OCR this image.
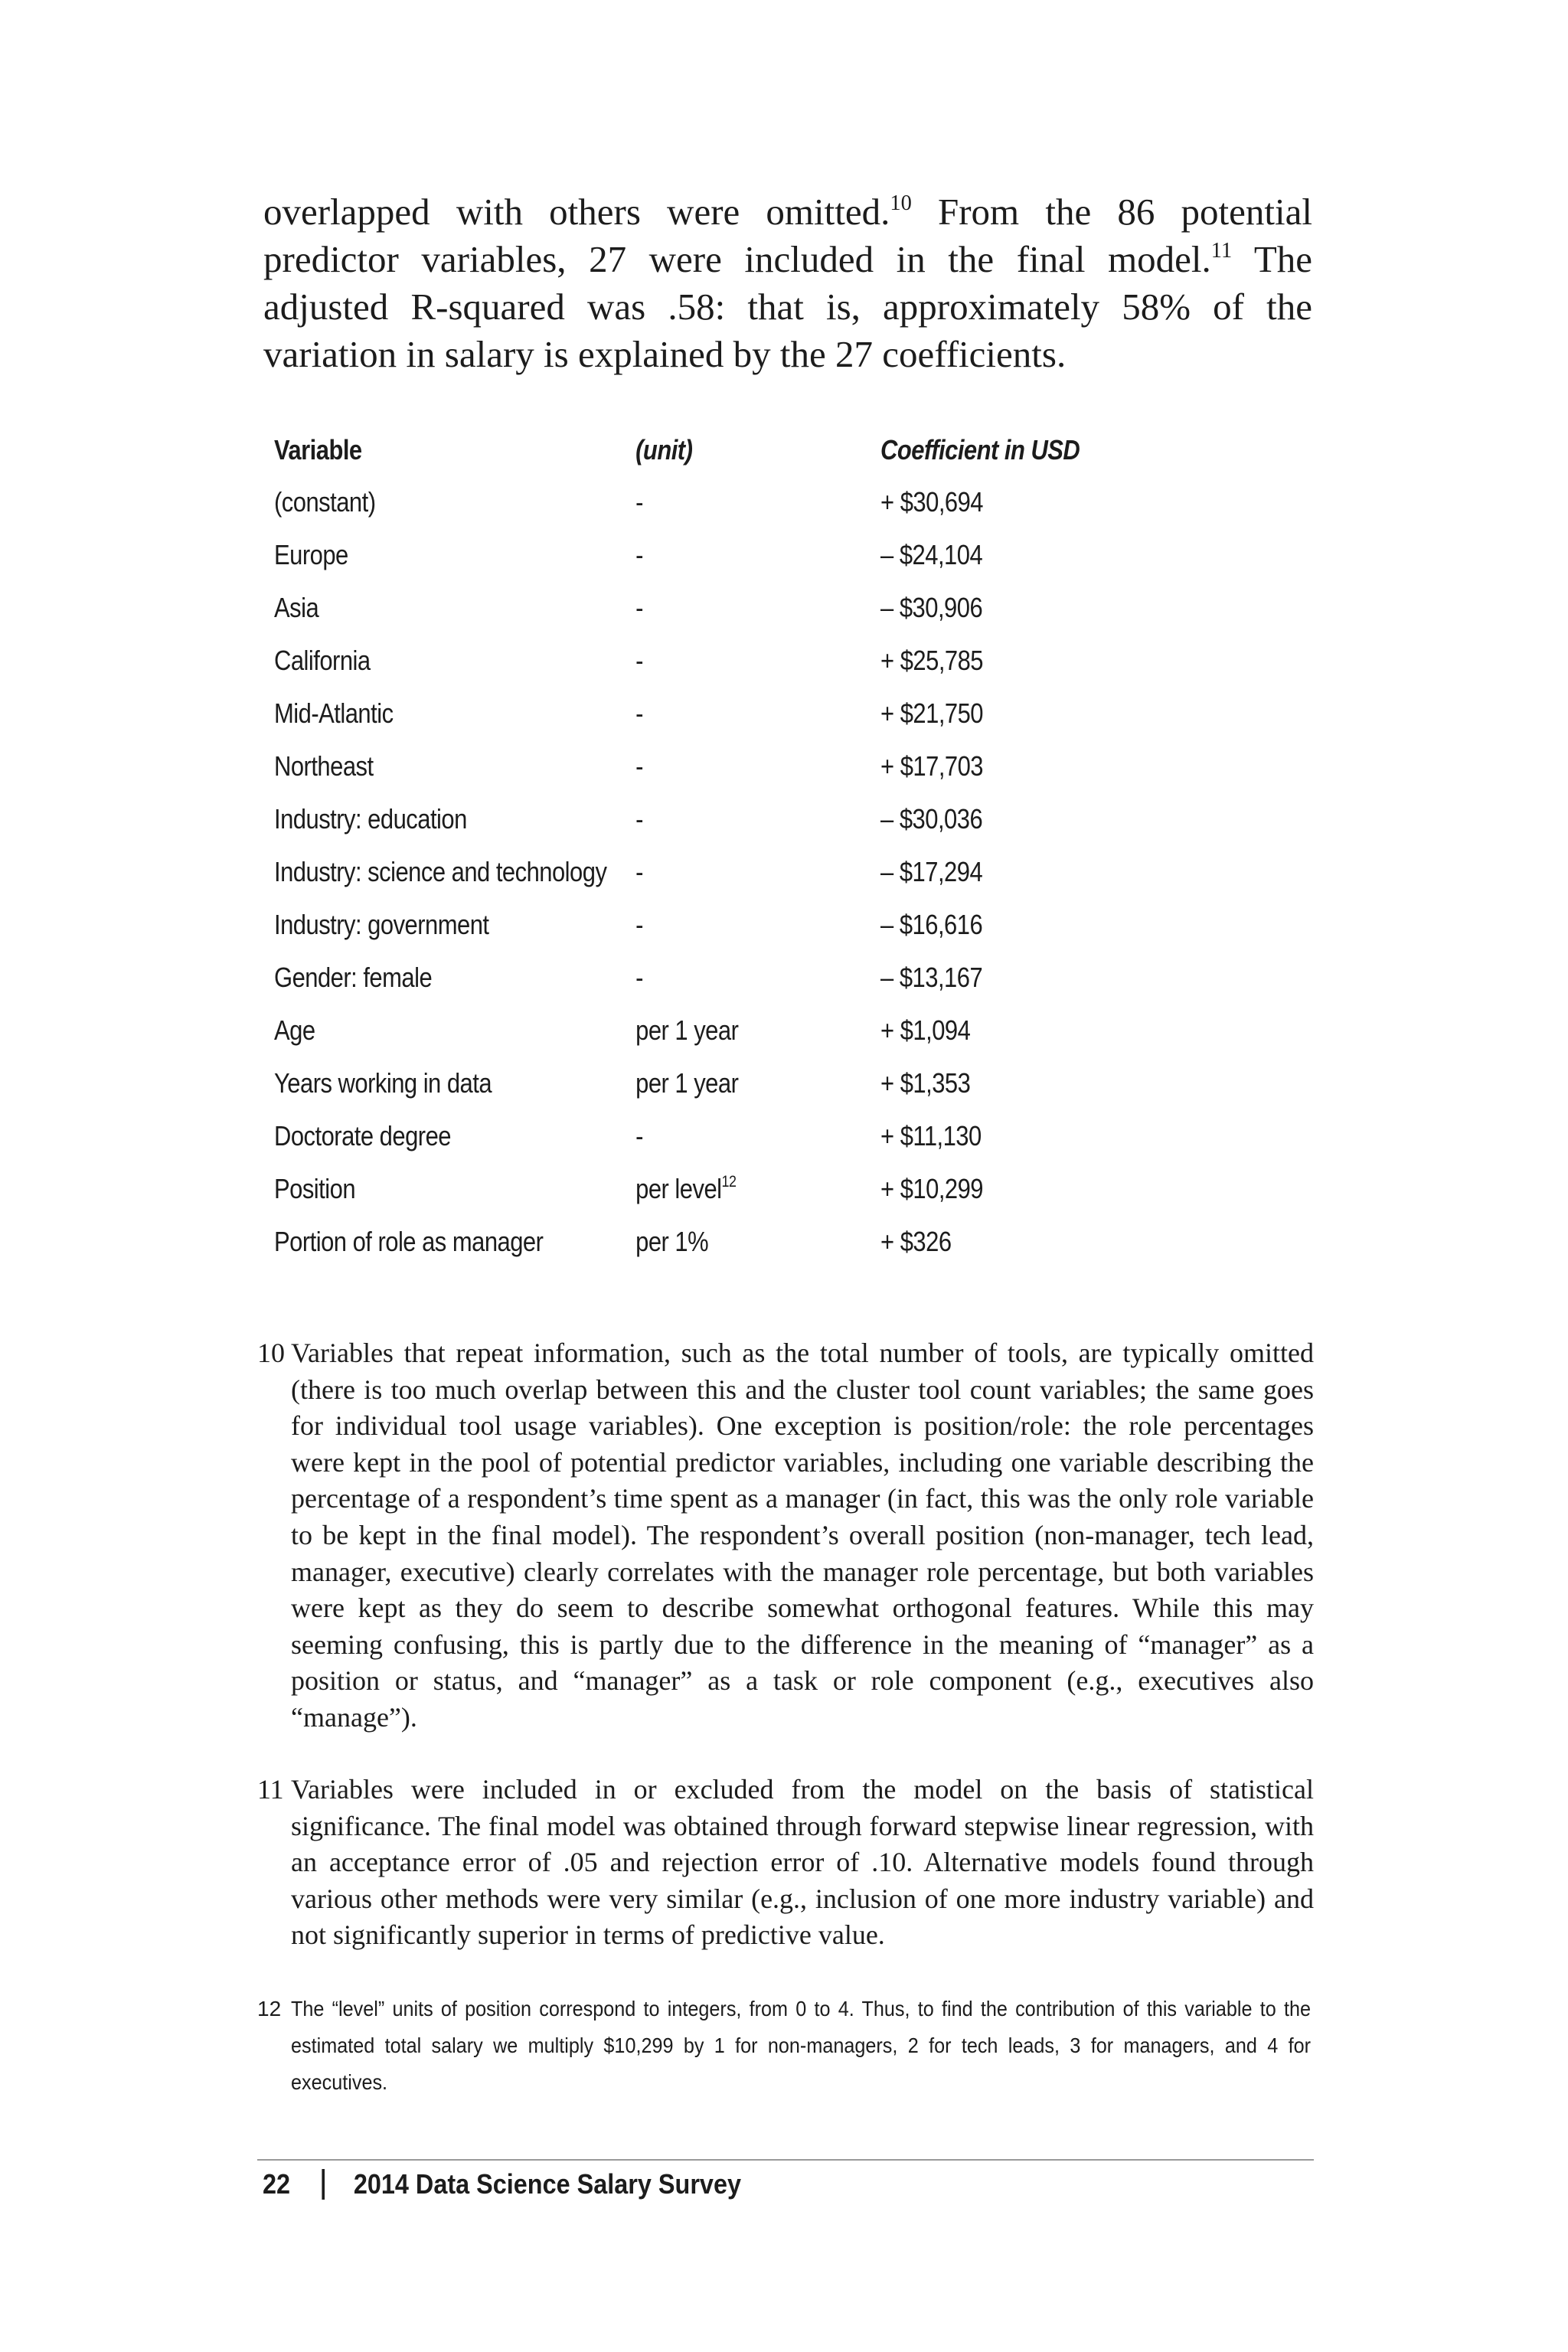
overlapped with others were omitted.$^{10}$ From the 86 potential predictor variables, 27 were included in the final model.$^{11}$ The adjusted R-squared was .58: that is, approximately 58% of the variation in salary is explained by the 27 coefficients.

Variable	(unit)	Coefficient in USD
(constant)	-	+ $30,694
Europe	-	– $24,104
Asia	-	– $30,906
California	-	+ $25,785
Mid-Atlantic	-	+ $21,750
Northeast	-	+ $17,703
Industry: education	-	– $30,036
Industry: science and technology	-	– $17,294
Industry: government	-	– $16,616
Gender: female	-	– $13,167
Age	per 1 year	+ $1,094
Years working in data	per 1 year	+ $1,353
Doctorate degree	-	+ $11,130
Position	per level$^{12}$	+ $10,299
Portion of role as manager	per 1%	+ $326
10 Variables that repeat information, such as the total number of tools, are typically omitted (there is too much overlap between this and the cluster tool count variables; the same goes for individual tool usage variables). One exception is position/role: the role percentages were kept in the pool of potential predictor variables, including one variable describing the percentage of a respondent’s time spent as a manager (in fact, this was the only role variable to be kept in the final model). The respondent’s overall position (non-manager, tech lead, manager, executive) clearly correlates with the manager role percentage, but both variables were kept as they do seem to describe somewhat orthogonal features. While this may seeming confusing, this is partly due to the difference in the meaning of “manager” as a position or status, and “manager” as a task or role component (e.g., executives also “manage”).
11 Variables were included in or excluded from the model on the basis of statistical significance. The final model was obtained through forward stepwise linear regression, with an acceptance error of .05 and rejection error of .10. Alternative models found through various other methods were very similar (e.g., inclusion of one more industry variable) and not significantly superior in terms of predictive value.
12 The “level” units of position correspond to integers, from 0 to 4. Thus, to find the contribution of this variable to the estimated total salary we multiply $10,299 by 1 for non-managers, 2 for tech leads, 3 for managers, and 4 for executives.
22 2014 Data Science Salary Survey
